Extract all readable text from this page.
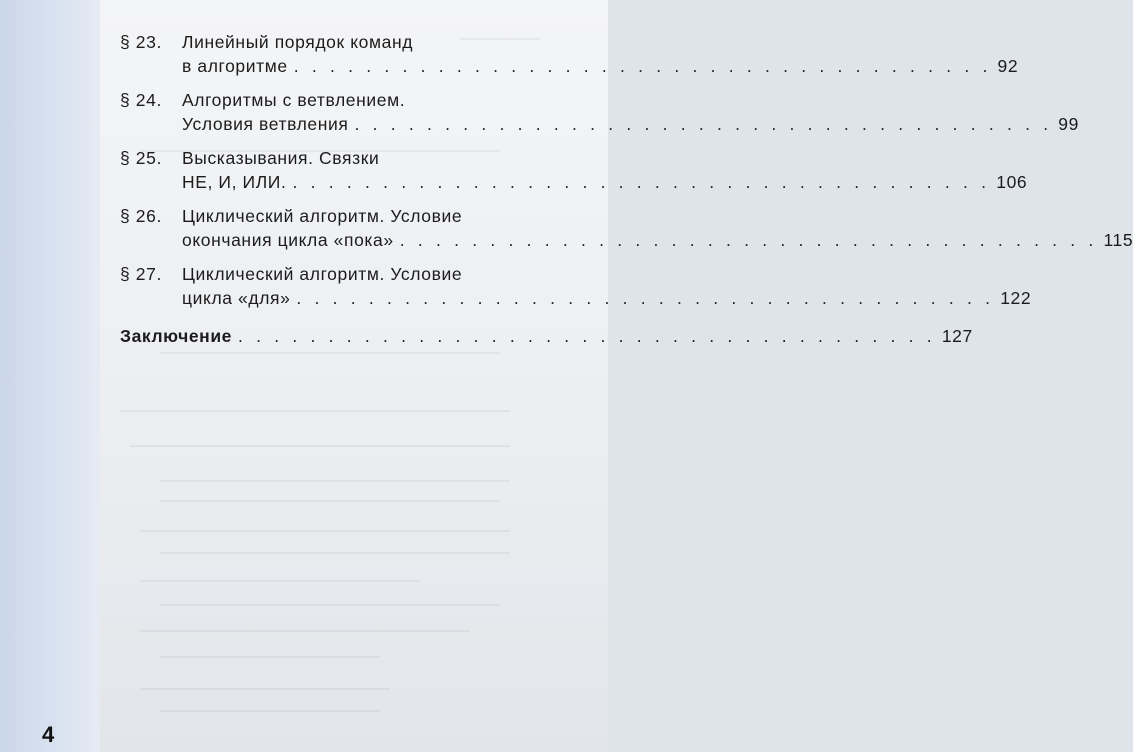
§ 23.	Линейный порядок команд
в алгоритме . . . . . . . . . . . . . . . . . . . . . . . . . . . . . . . . . . . . . . . 92
§ 24.	Алгоритмы с ветвлением.
Условия ветвления . . . . . . . . . . . . . . . . . . . . . . . . . . . . . . . . . . . . . . . 99
§ 25.	Высказывания. Связки
НЕ, И, ИЛИ. . . . . . . . . . . . . . . . . . . . . . . . . . . . . . . . . . . . . . . . 106
§ 26.	Циклический алгоритм. Условие
окончания цикла «пока» . . . . . . . . . . . . . . . . . . . . . . . . . . . . . . . . . . . . . . . 115
§ 27.	Циклический алгоритм. Условие
цикла «для» . . . . . . . . . . . . . . . . . . . . . . . . . . . . . . . . . . . . . . . 122
Заключение . . . . . . . . . . . . . . . . . . . . . . . . . . . . . . . . . . . . . . . 127
4
